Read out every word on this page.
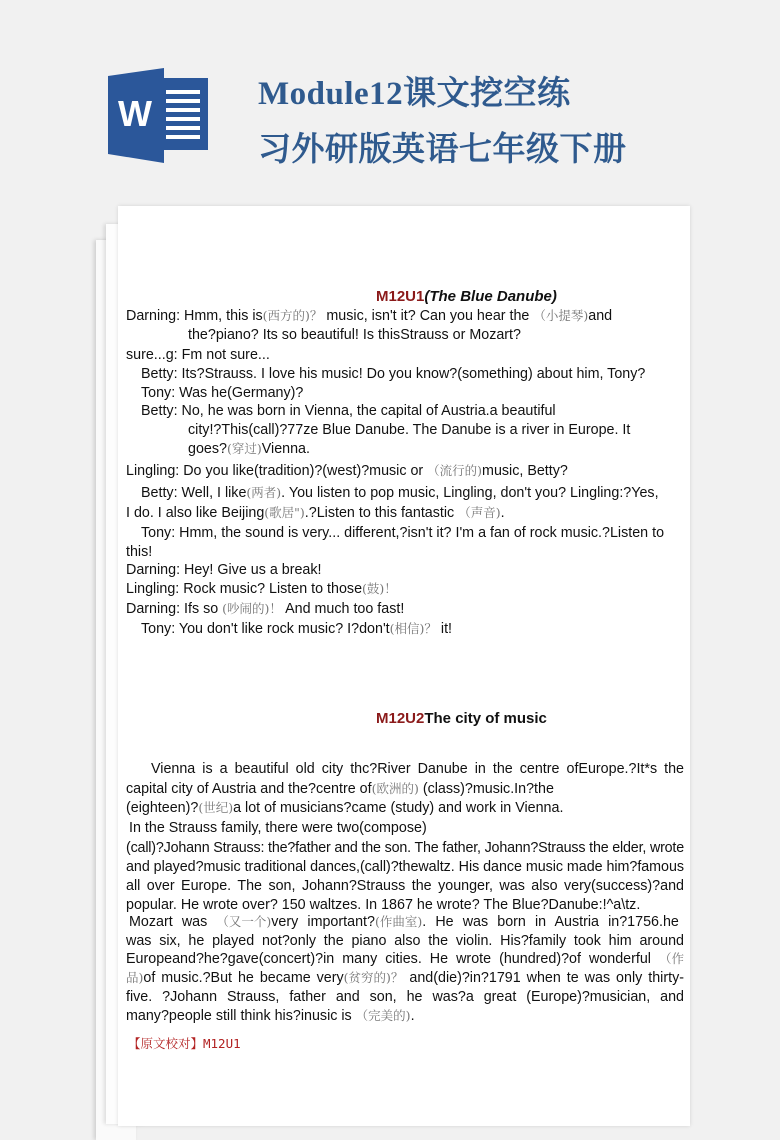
W	Module12课文挖空练
习外研版英语七年级下册
M12U1(The Blue Danube)
M12U2The city of music
Darning: Hmm, this is(西方的)？ music, isn't it? Can you hear the （小提琴)and
the?piano? Its so beautiful! Is thisStrauss or Mozart?
sure...g: Fm not sure...
Betty: Its?Strauss. I love his music! Do you know?(something) about him, Tony?
Tony: Was he(Germany)?
Betty: No, he was born in Vienna, the capital of Austria.a beautiful
city!?This(call)?77ze Blue Danube. The Danube is a river in Europe. It
goes?(穿过)Vienna.
Lingling: Do you like(tradition)?(west)?music or （流行的)music, Betty?
Betty: Well, I like(两者). You listen to pop music, Lingling, don't you? Lingling:?Yes,
I do. I also like Beijing(歌居").?Listen to this fantastic （声音).
Tony: Hmm, the sound is very... different,?isn't it? I'm a fan of rock music.?Listen to
this!
Darning: Hey! Give us a break!
Lingling: Rock music? Listen to those(鼓)！
Darning: Ifs so (吵闹的)！ And much too fast!
Tony: You don't like rock music? I?don't(相信)？ it!
Vienna is a beautiful old city thc?River Danube in the centre ofEurope.?It*s the
capital city of Austria and the?centre of(欧洲的) (class)?music.In?the
(eighteen)?(世纪)a lot of musicians?came (study) and work in Vienna.
In the Strauss family, there were two(compose)
(call)?Johann Strauss: the?father and the son. The father, Johann?Strauss the elder, wrote
and played?music traditional dances,(call)?thewaltz. His dance music made him?famous
all over Europe. The son, Johann?Strauss the younger, was also very(success)?and
popular. He wrote over? 150 waltzes. In 1867 he wrote? The Blue?Danube:!^a\tz.
Mozart was （又一个)very important?(作曲室). He was born in Austria in?1756.he
was six, he played not?only the piano also the violin. His?family took him around
Europeand?he?gave(concert)?in many cities. He wrote (hundred)?of wonderful （作
品)of music.?But he became very(贫穷的)？ and(die)?in?1791 when te was only thirty-
five. ?Johann Strauss, father and son, he was?a great (Europe)?musician, and
many?people still think his?inusic is （完美的).
【原文校对】M12U1
